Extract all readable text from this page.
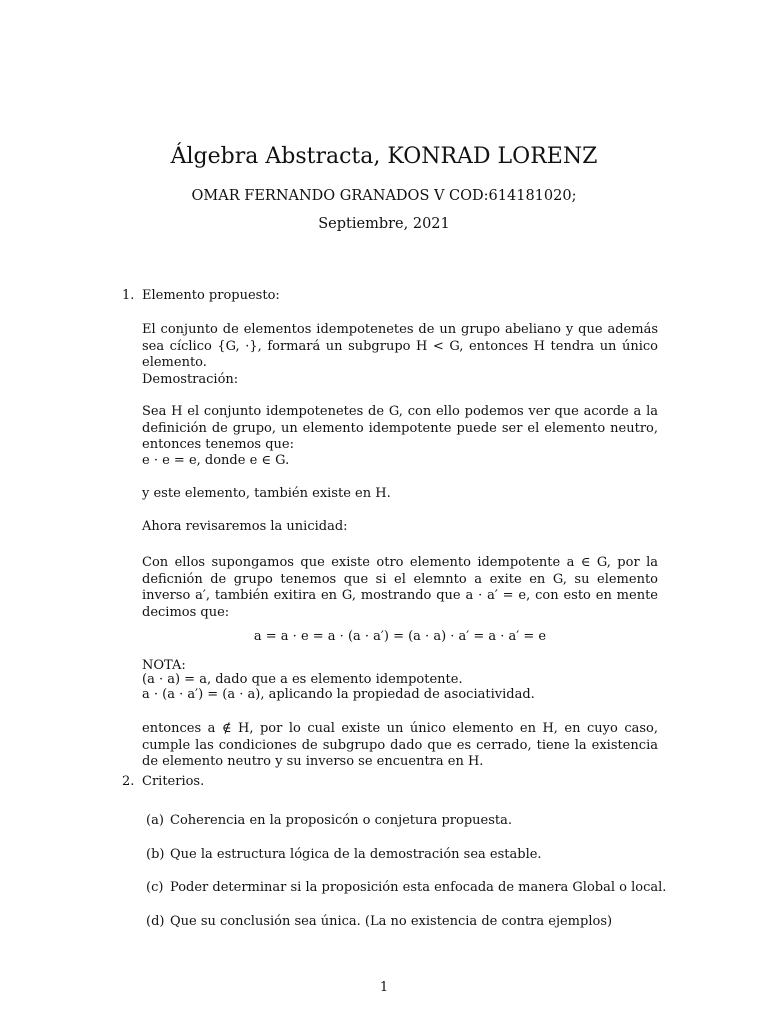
Álgebra Abstracta, KONRAD LORENZ
OMAR FERNANDO GRANADOS V COD:614181020;
Septiembre, 2021
1. Elemento propuesto:
El conjunto de elementos idempotenetes de un grupo abeliano y que además sea cíclico {G, ·}, formará un subgrupo H < G, entonces H tendra un único elemento.
Demostración:
Sea H el conjunto idempotenetes de G, con ello podemos ver que acorde a la definición de grupo, un elemento idempotente puede ser el elemento neutro, entonces tenemos que:
e · e = e, donde e ∈ G.
y este elemento, también existe en H.
Ahora revisaremos la unicidad:
Con ellos supongamos que existe otro elemento idempotente a ∈ G, por la deficnión de grupo tenemos que si el elemnto a exite en G, su elemento inverso a′, también exitira en G, mostrando que a · a′ = e, con esto en mente decimos que:
a = a · e = a · (a · a′) = (a · a) · a′ = a · a′ = e
NOTA:
(a · a) = a, dado que a es elemento idempotente.
a · (a · a′) = (a · a), aplicando la propiedad de asociatividad.
entonces a ∉ H, por lo cual existe un único elemento en H, en cuyo caso, cumple las condiciones de subgrupo dado que es cerrado, tiene la existencia de elemento neutro y su inverso se encuentra en H.
2. Criterios.
(a) Coherencia en la proposicón o conjetura propuesta.
(b) Que la estructura lógica de la demostración sea estable.
(c) Poder determinar si la proposición esta enfocada de manera Global o local.
(d) Que su conclusión sea única. (La no existencia de contra ejemplos)
1
